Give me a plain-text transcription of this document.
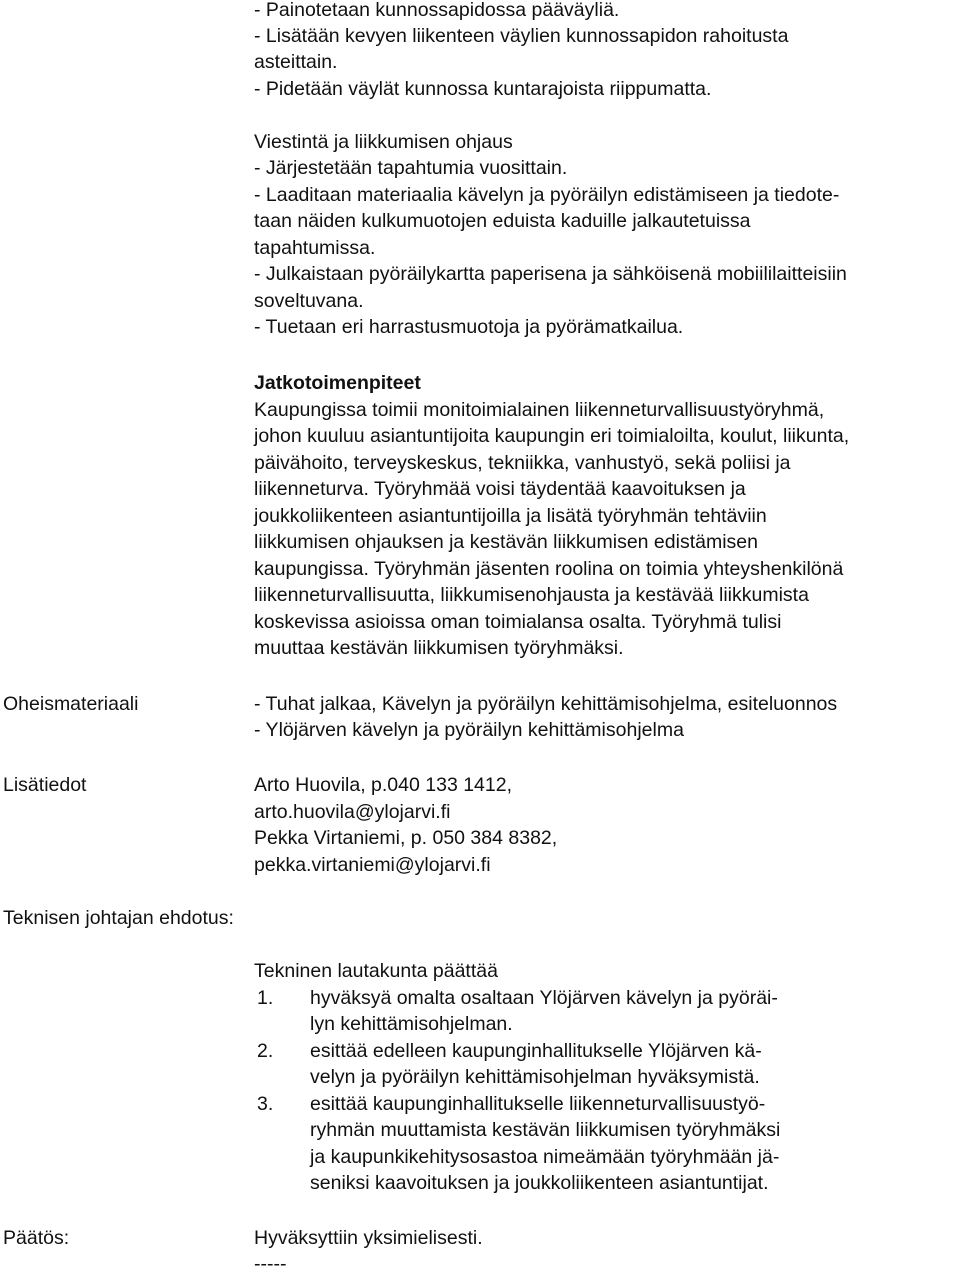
- Painotetaan kunnossapidossa pääväyliä.
- Lisätään kevyen liikenteen väylien kunnossapidon rahoitusta
asteittain.
- Pidetään väylät kunnossa kuntarajoista riippumatta.
Viestintä ja liikkumisen ohjaus
- Järjestetään tapahtumia vuosittain.
- Laaditaan materiaalia kävelyn ja pyöräilyn edistämiseen ja tiedote-
taan näiden kulkumuotojen eduista kaduille jalkautetuissa
tapahtumissa.
- Julkaistaan pyöräilykartta paperisena ja sähköisenä mobiililaitteisiin
soveltuvana.
- Tuetaan eri harrastusmuotoja ja pyörämatkailua.
Jatkotoimenpiteet
Kaupungissa toimii monitoimialainen liikenneturvallisuustyöryhmä,
johon kuuluu asiantuntijoita kaupungin eri toimialoilta, koulut, liikunta,
päivähoito, terveyskeskus, tekniikka, vanhustyö, sekä poliisi ja
liikenneturva. Työryhmää voisi täydentää kaavoituksen ja
joukkoliikenteen asiantuntijoilla ja lisätä työryhmän tehtäviin
liikkumisen ohjauksen ja kestävän liikkumisen edistämisen
kaupungissa. Työryhmän jäsenten roolina on toimia yhteyshenkilönä
liikenneturvallisuutta, liikkumisenohjausta ja kestävää liikkumista
koskevissa asioissa oman toimialansa osalta. Työryhmä tulisi
muuttaa kestävän liikkumisen työryhmäksi.
Oheismateriaali	- Tuhat jalkaa, Kävelyn ja pyöräilyn kehittämisohjelma, esiteluonnos
- Ylöjärven kävelyn ja pyöräilyn kehittämisohjelma
Lisätiedot	Arto Huovila, p.040 133 1412,
arto.huovila@ylojarvi.fi
Pekka Virtaniemi, p. 050 384 8382,
pekka.virtaniemi@ylojarvi.fi
Teknisen johtajan ehdotus:
Tekninen lautakunta päättää
1. hyväksyä omalta osaltaan Ylöjärven kävelyn ja pyöräi-
lyn kehittämisohjelman.
2. esittää edelleen kaupunginhallitukselle Ylöjärven kä-
velyn ja pyöräilyn kehittämisohjelman hyväksymistä.
3. esittää kaupunginhallitukselle liikenneturvallisuustyö-
ryhmän muuttamista kestävän liikkumisen työryhmäksi
ja kaupunkikehitysosastoa nimeämään työryhmään jä-
seniksi kaavoituksen ja joukkoliikenteen asiantuntijat.
Päätös:	Hyväksyttiin yksimielisesti.
-----
